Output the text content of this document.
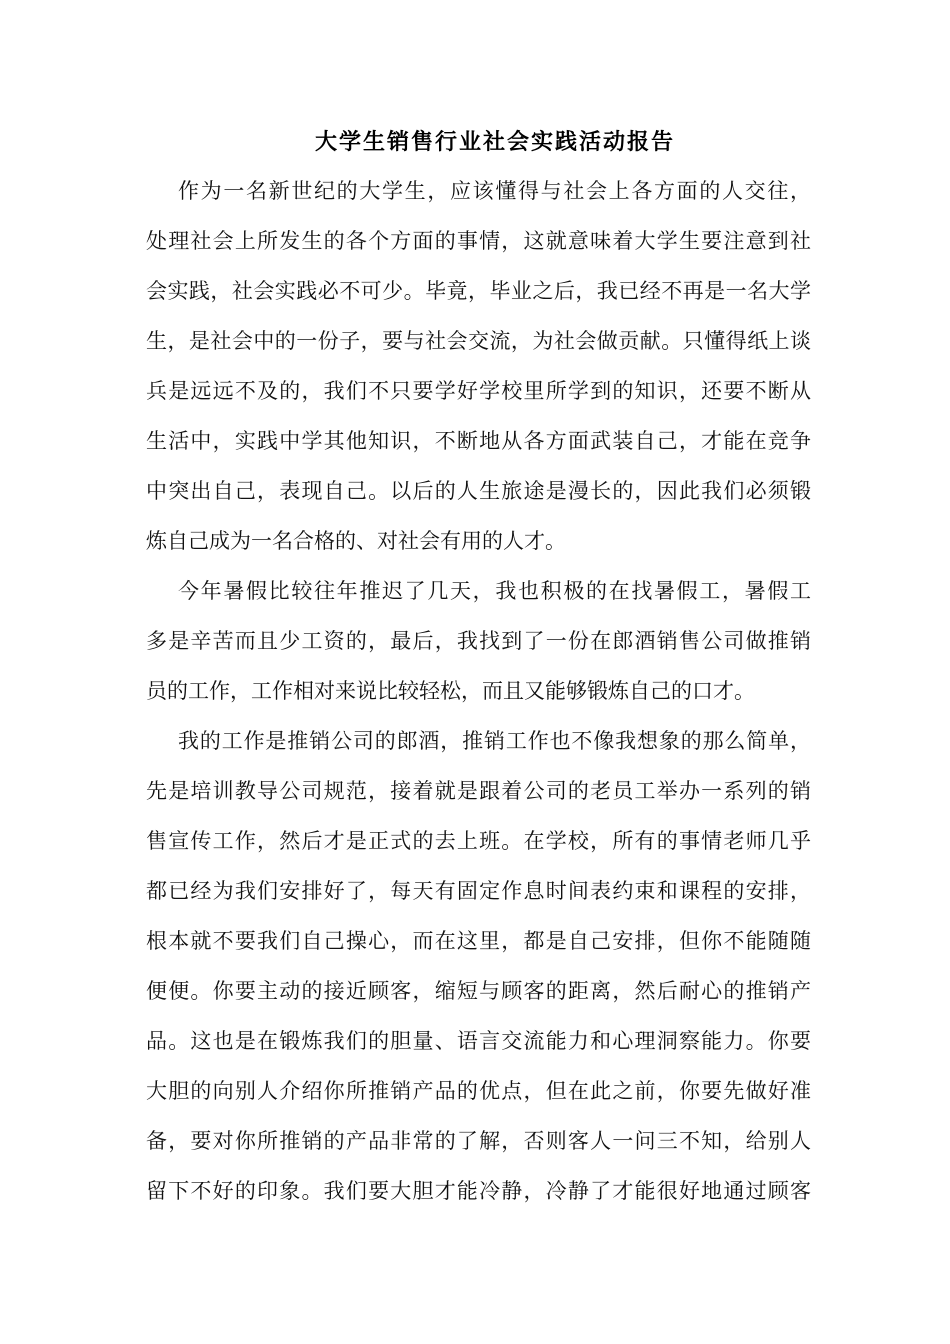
大学生销售行业社会实践活动报告

作为一名新世纪的大学生，应该懂得与社会上各方面的人交往，

处理社会上所发生的各个方面的事情，这就意味着大学生要注意到社

会实践，社会实践必不可少。毕竟，毕业之后，我已经不再是一名大学

生，是社会中的一份子，要与社会交流，为社会做贡献。只懂得纸上谈

兵是远远不及的，我们不只要学好学校里所学到的知识，还要不断从

生活中，实践中学其他知识，不断地从各方面武装自己，才能在竞争

中突出自己，表现自己。以后的人生旅途是漫长的，因此我们必须锻

炼自己成为一名合格的、对社会有用的人才。

今年暑假比较往年推迟了几天，我也积极的在找暑假工，暑假工

多是辛苦而且少工资的，最后，我找到了一份在郎酒销售公司做推销

员的工作，工作相对来说比较轻松，而且又能够锻炼自己的口才。

我的工作是推销公司的郎酒，推销工作也不像我想象的那么简单，

先是培训教导公司规范，接着就是跟着公司的老员工举办一系列的销

售宣传工作，然后才是正式的去上班。在学校，所有的事情老师几乎

都已经为我们安排好了，每天有固定作息时间表约束和课程的安排，

根本就不要我们自己操心，而在这里，都是自己安排，但你不能随随

便便。你要主动的接近顾客，缩短与顾客的距离，然后耐心的推销产

品。这也是在锻炼我们的胆量、语言交流能力和心理洞察能力。你要

大胆的向别人介绍你所推销产品的优点，但在此之前，你要先做好准

备，要对你所推销的产品非常的了解，否则客人一问三不知，给别人

留下不好的印象。我们要大胆才能冷静，冷静了才能很好地通过顾客
